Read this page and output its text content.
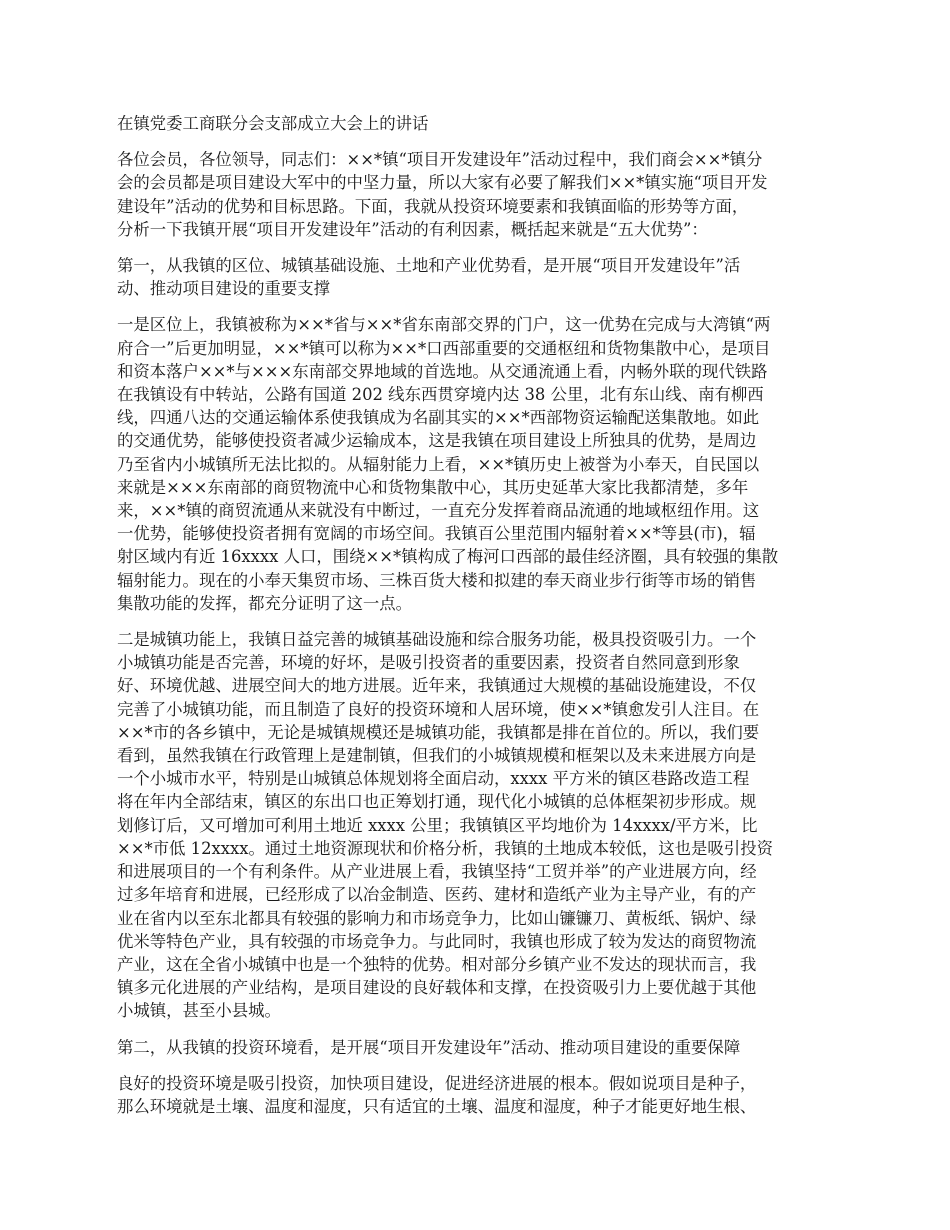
在镇党委工商联分会支部成立大会上的讲话

各位会员，各位领导，同志们：××*镇“项目开发建设年”活动过程中，我们商会××*镇分
会的会员都是项目建设大军中的中坚力量，所以大家有必要了解我们××*镇实施“项目开发
建设年”活动的优势和目标思路。下面，我就从投资环境要素和我镇面临的形势等方面，
分析一下我镇开展“项目开发建设年”活动的有利因素，概括起来就是“五大优势”：

第一，从我镇的区位、城镇基础设施、土地和产业优势看，是开展“项目开发建设年”活
动、推动项目建设的重要支撑

一是区位上，我镇被称为××*省与××*省东南部交界的门户，这一优势在完成与大湾镇“两
府合一”后更加明显，××*镇可以称为××*口西部重要的交通枢纽和货物集散中心，是项目
和资本落户××*与×××东南部交界地域的首选地。从交通流通上看，内畅外联的现代铁路
在我镇设有中转站，公路有国道 202 线东西贯穿境内达 38 公里，北有东山线、南有柳西
线，四通八达的交通运输体系使我镇成为名副其实的××*西部物资运输配送集散地。如此
的交通优势，能够使投资者减少运输成本，这是我镇在项目建设上所独具的优势，是周边
乃至省内小城镇所无法比拟的。从辐射能力上看，××*镇历史上被誉为小奉天，自民国以
来就是×××东南部的商贸物流中心和货物集散中心，其历史延革大家比我都清楚，多年
来，××*镇的商贸流通从来就没有中断过，一直充分发挥着商品流通的地域枢纽作用。这
一优势，能够使投资者拥有宽阔的市场空间。我镇百公里范围内辐射着××*等县(市)，辐
射区域内有近 16xxxx 人口，围绕××*镇构成了梅河口西部的最佳经济圈，具有较强的集散
辐射能力。现在的小奉天集贸市场、三株百货大楼和拟建的奉天商业步行街等市场的销售
集散功能的发挥，都充分证明了这一点。

二是城镇功能上，我镇日益完善的城镇基础设施和综合服务功能，极具投资吸引力。一个
小城镇功能是否完善，环境的好坏，是吸引投资者的重要因素，投资者自然同意到形象
好、环境优越、进展空间大的地方进展。近年来，我镇通过大规模的基础设施建设，不仅
完善了小城镇功能，而且制造了良好的投资环境和人居环境，使××*镇愈发引人注目。在
××*市的各乡镇中，无论是城镇规模还是城镇功能，我镇都是排在首位的。所以，我们要
看到，虽然我镇在行政管理上是建制镇，但我们的小城镇规模和框架以及未来进展方向是
一个小城市水平，特别是山城镇总体规划将全面启动，xxxx 平方米的镇区巷路改造工程
将在年内全部结束，镇区的东出口也正筹划打通，现代化小城镇的总体框架初步形成。规
划修订后，又可增加可利用土地近 xxxx 公里；我镇镇区平均地价为 14xxxx/平方米，比
××*市低 12xxxx。通过土地资源现状和价格分析，我镇的土地成本较低，这也是吸引投资
和进展项目的一个有利条件。从产业进展上看，我镇坚持“工贸并举”的产业进展方向，经
过多年培育和进展，已经形成了以冶金制造、医药、建材和造纸产业为主导产业，有的产
业在省内以至东北都具有较强的影响力和市场竞争力，比如山镰镰刀、黄板纸、锅炉、绿
优米等特色产业，具有较强的市场竞争力。与此同时，我镇也形成了较为发达的商贸物流
产业，这在全省小城镇中也是一个独特的优势。相对部分乡镇产业不发达的现状而言，我
镇多元化进展的产业结构，是项目建设的良好载体和支撑，在投资吸引力上要优越于其他
小城镇，甚至小县城。

第二，从我镇的投资环境看，是开展“项目开发建设年”活动、推动项目建设的重要保障

良好的投资环境是吸引投资，加快项目建设，促进经济进展的根本。假如说项目是种子，
那么环境就是土壤、温度和湿度，只有适宜的土壤、温度和湿度，种子才能更好地生根、
